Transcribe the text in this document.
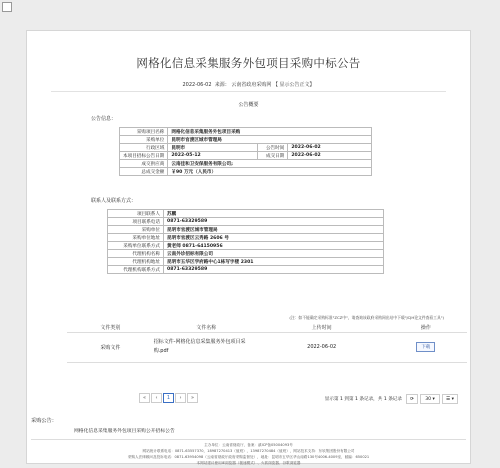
网格化信息采集服务外包项目采购中标公告
2022-06-02 来源： 云南省政府采购网 【 显示公告正文】
公告概要
公告信息：
采购项目名称	网格化信息采集服务外包项目采购		
采购单位	昆明市官渡区城市管理局		
行政区域	昆明市	公告时间	2022-06-02
本项目招标公告日期	2022-05-12	成交日期	2022-06-02
成交供应商	云南佳和卫安保服务有限公司;		
总成交金额	￥90 万元（人民币）		
联系人及联系方式：
项目联系人	苏鹏
项目联系电话	0871-63329589
采购单位	昆明市官渡区城市管理局
采购单位地址	昆明市官渡区云秀路 2606 号
采购单位联系方式	黄老师 0871-64150956
代理机构名称	云南外诊招标有限公司
代理机构地址	昆明市五华区学府路中心1栋写字楼 2301
代理机构联系方式	0871-63329589
(注：如不能确定采购标准"ZCZ中"，请查询该政府采购网出站中下载"JCJH论文件查看工具")
文件类别	文件名称	上传时间	操作
采购文件	招标文件-网格化信息采集服务外包项目采购.pdf	2022-06-02	下载
«	‹	1	›	»	显示第 1 到第 1 条记录，共 1 条记录	⟳	30 ▾	☰ ▾
采购公告：
网格化信息采集服务外包项目采购公开招标公告
主办单位：云南省财政厅，备案：滇ICP备05004093号
网站统计联系电话：0871-63557370，18987270413（值班），13987270484（值班），网站技术支持：东软集团股份有限公司
采购人法律顾问及投诉电话：0871-63954098（云南省财政厅政府采购监督处），地址：昆明市五华区华山南路130号4006-4009室，邮编：650021
本网站建议使用IE浏览器（极速模式）、火狐浏览器、谷歌浏览器
